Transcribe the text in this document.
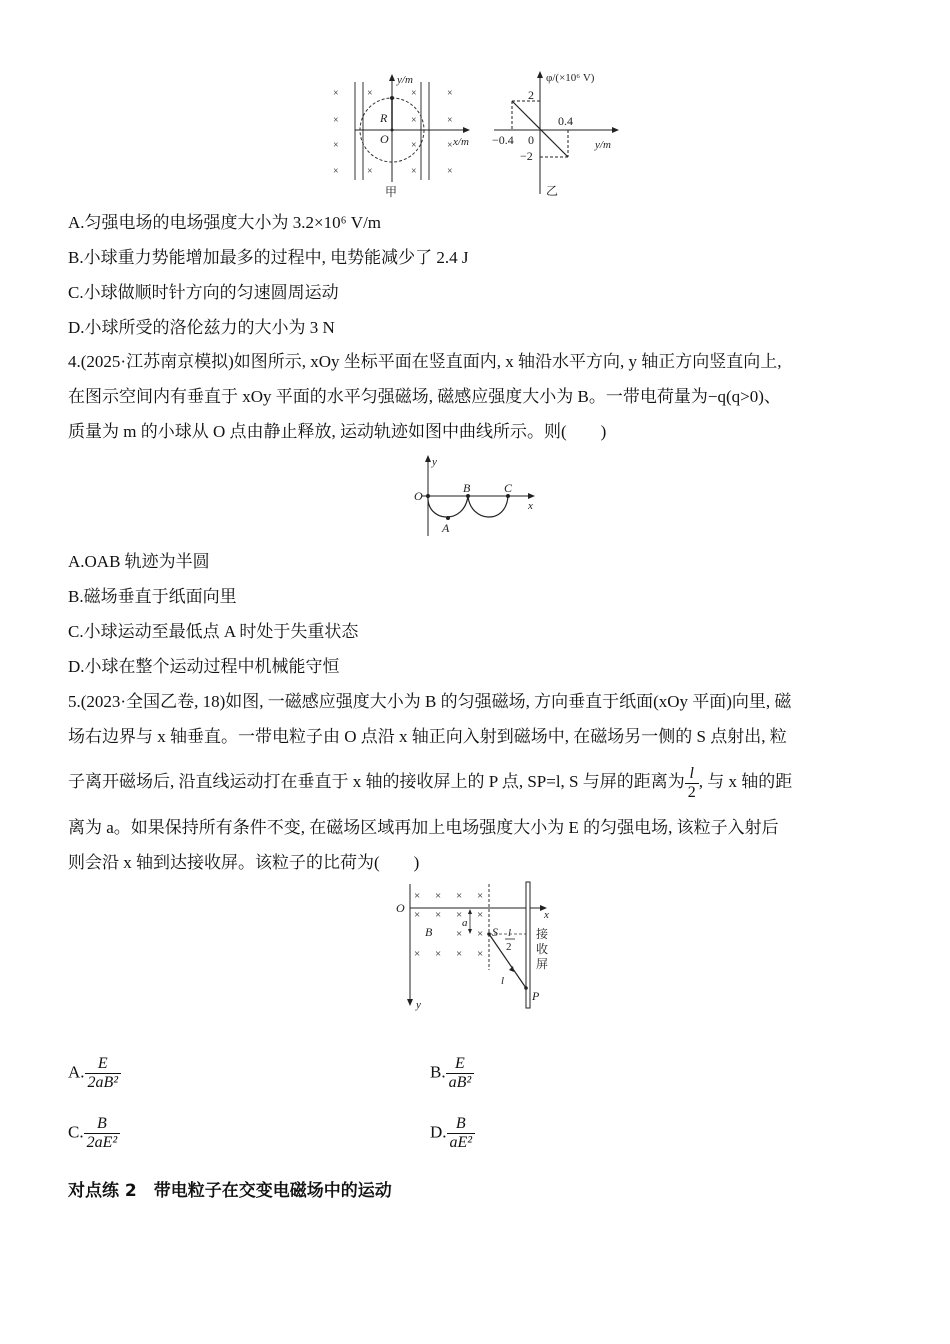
×
×
×
×
×
×
×
×
×
×
×
×
×
×
y/m
x/m
R
O
甲
φ/(×10⁶ V)
2
−2
0
0.4
−0.4	y/m
乙
A.匀强电场的电场强度大小为 3.2×10⁶ V/m
B.小球重力势能增加最多的过程中, 电势能减少了 2.4 J
C.小球做顺时针方向的匀速圆周运动
D.小球所受的洛伦兹力的大小为 3 N
4.(2025·江苏南京模拟)如图所示, xOy 坐标平面在竖直面内, x 轴沿水平方向, y 轴正方向竖直向上,
在图示空间内有垂直于 xOy 平面的水平匀强磁场, 磁感应强度大小为 B。一带电荷量为−q(q>0)、
质量为 m 的小球从 O 点由静止释放, 运动轨迹如图中曲线所示。则(　　)
y
x
O
A
B	C
A.OAB 轨迹为半圆
B.磁场垂直于纸面向里
C.小球运动至最低点 A 时处于失重状态
D.小球在整个运动过程中机械能守恒
5.(2023·全国乙卷, 18)如图, 一磁感应强度大小为 B 的匀强磁场, 方向垂直于纸面(xOy 平面)向里, 磁
场右边界与 x 轴垂直。一带电粒子由 O 点沿 x 轴正向入射到磁场中, 在磁场另一侧的 S 点射出, 粒
子离开磁场后, 沿直线运动打在垂直于 x 轴的接收屏上的 P 点, SP=l, S 与屏的距离为 $\frac{l}{2}$ , 与 x 轴的距
离为 a。如果保持所有条件不变, 在磁场区域再加上电场强度大小为 E 的匀强电场, 该粒子入射后
则会沿 x 轴到达接收屏。该粒子的比荷为(　　)
× × × ×
× × × ×
× ×
× × × ×
O	x
y
B
a
S l
2
l
P
接
收
屏
A. $\frac{E}{\text{2aB²}}$	B. $\frac{E}{\text{aB²}}$
C. $\frac{B}{\text{2aE²}}$	D. $\frac{B}{\text{aE²}}$
对点练 2　带电粒子在交变电磁场中的运动
